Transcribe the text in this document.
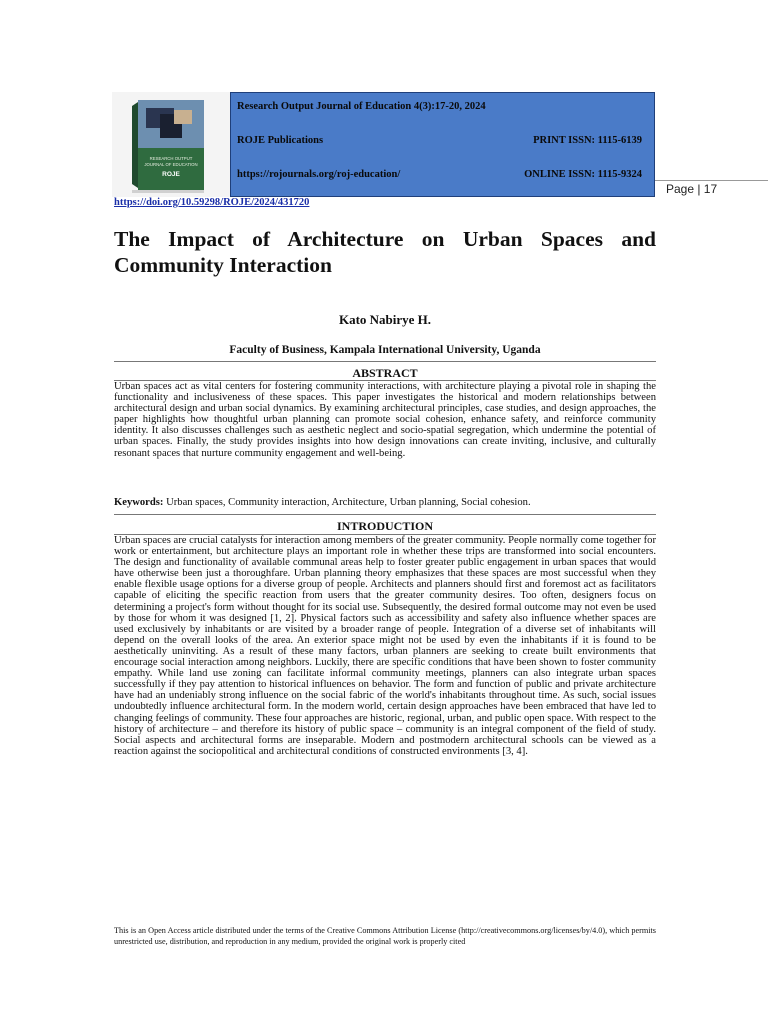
RESEARCH OUTPUT
JOURNAL OF EDUCATION
ROJE
Research Output Journal of Education 4(3):17-20, 2024
ROJE Publications	PRINT ISSN: 1115-6139
https://rojournals.org/roj-education/	ONLINE ISSN: 1115-9324
Page | 17
https://doi.org/10.59298/ROJE/2024/431720
The Impact of Architecture on Urban Spaces and Community Interaction
Kato Nabirye H.
Faculty of Business, Kampala International University, Uganda
ABSTRACT

Urban spaces act as vital centers for fostering community interactions, with architecture playing a pivotal role in shaping the functionality and inclusiveness of these spaces. This paper investigates the historical and modern relationships between architectural design and urban social dynamics. By examining architectural principles, case studies, and design approaches, the paper highlights how thoughtful urban planning can promote social cohesion, enhance safety, and reinforce community identity. It also discusses challenges such as aesthetic neglect and socio-spatial segregation, which undermine the potential of urban spaces. Finally, the study provides insights into how design innovations can create inviting, inclusive, and culturally resonant spaces that nurture community engagement and well-being.

Keywords: Urban spaces, Community interaction, Architecture, Urban planning, Social cohesion.
INTRODUCTION

Urban spaces are crucial catalysts for interaction among members of the greater community. People normally come together for work or entertainment, but architecture plays an important role in whether these trips are transformed into social encounters. The design and functionality of available communal areas help to foster greater public engagement in urban spaces that would have otherwise been just a thoroughfare. Urban planning theory emphasizes that these spaces are most successful when they enable flexible usage options for a diverse group of people. Architects and planners should first and foremost act as facilitators capable of eliciting the specific reaction from users that the greater community desires. Too often, designers focus on determining a project's form without thought for its social use. Subsequently, the desired formal outcome may not even be used by those for whom it was designed [1, 2]. Physical factors such as accessibility and safety also influence whether spaces are used exclusively by inhabitants or are visited by a broader range of people. Integration of a diverse set of inhabitants will depend on the overall looks of the area. An exterior space might not be used by even the inhabitants if it is found to be aesthetically uninviting. As a result of these many factors, urban planners are seeking to create built environments that encourage social interaction among neighbors. Luckily, there are specific conditions that have been shown to foster community empathy. While land use zoning can facilitate informal community meetings, planners can also integrate urban spaces successfully if they pay attention to historical influences on behavior. The form and function of public and private architecture have had an undeniably strong influence on the social fabric of the world's inhabitants throughout time. As such, social issues undoubtedly influence architectural form. In the modern world, certain design approaches have been embraced that have led to changing feelings of community. These four approaches are historic, regional, urban, and public open space. With respect to the history of architecture – and therefore its history of public space – community is an integral component of the field of study. Social aspects and architectural forms are inseparable. Modern and postmodern architectural schools can be viewed as a reaction against the sociopolitical and architectural conditions of constructed environments [3, 4].

This is an Open Access article distributed under the terms of the Creative Commons Attribution License (http://creativecommons.org/licenses/by/4.0), which permits unrestricted use, distribution, and reproduction in any medium, provided the original work is properly cited
